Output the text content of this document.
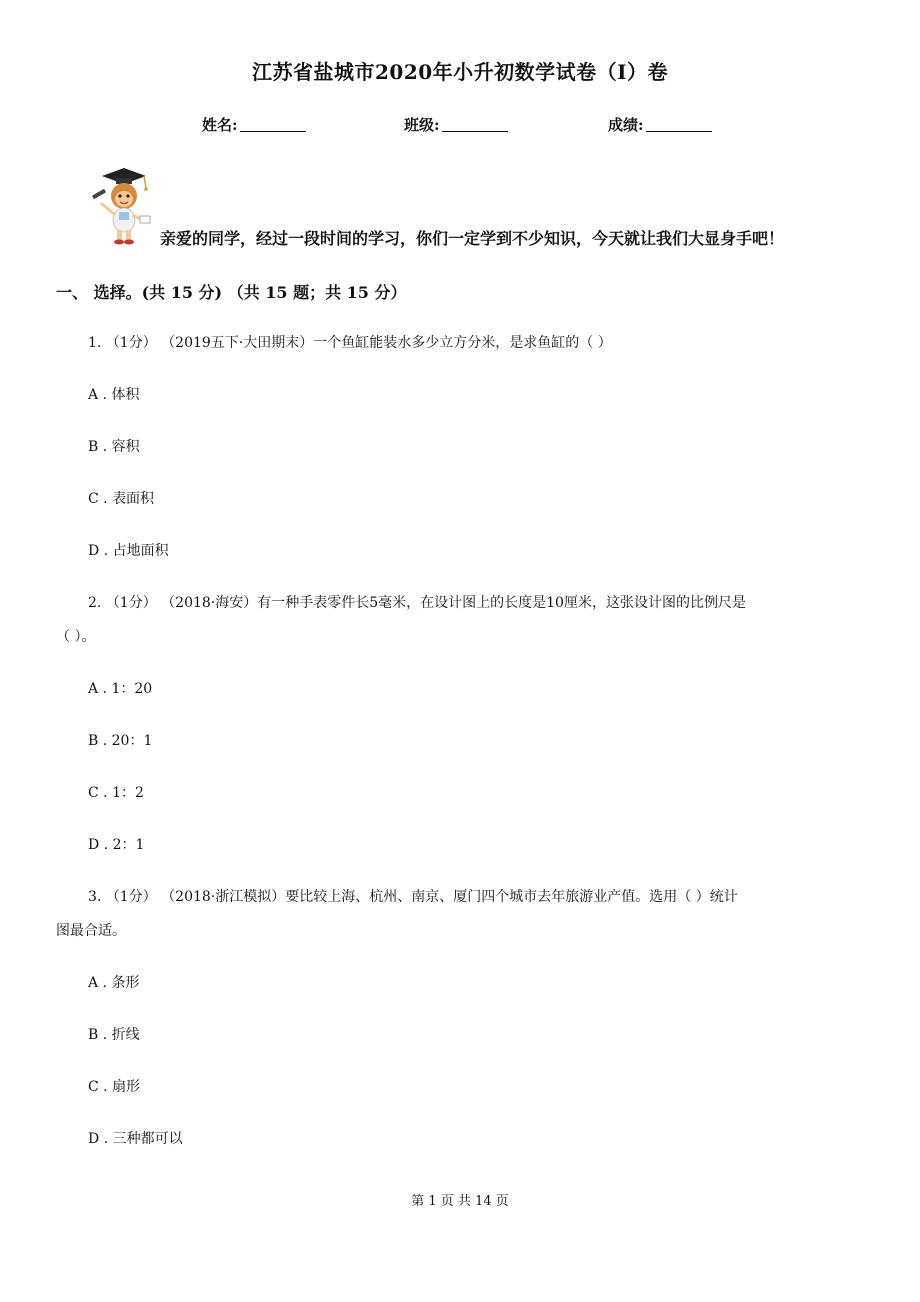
江苏省盐城市2020年小升初数学试卷（I）卷
姓名:	班级:	成绩:
亲爱的同学，经过一段时间的学习，你们一定学到不少知识，今天就让我们大显身手吧！
一、 选择。(共 15 分) （共 15 题；共 15 分）
1. （1分） （2019五下·大田期末）一个鱼缸能装水多少立方分米，是求鱼缸的（ ）
A . 体积
B . 容积
C . 表面积
D . 占地面积
2. （1分） （2018·海安）有一种手表零件长5毫米，在设计图上的长度是10厘米，这张设计图的比例尺是
（ ）。
A . 1：20
B . 20：1
C . 1：2
D . 2：1
3. （1分） （2018·浙江模拟）要比较上海、杭州、南京、厦门四个城市去年旅游业产值。选用（ ）统计
图最合适。
A . 条形
B . 折线
C . 扇形
D . 三种都可以
第 1 页 共 14 页
